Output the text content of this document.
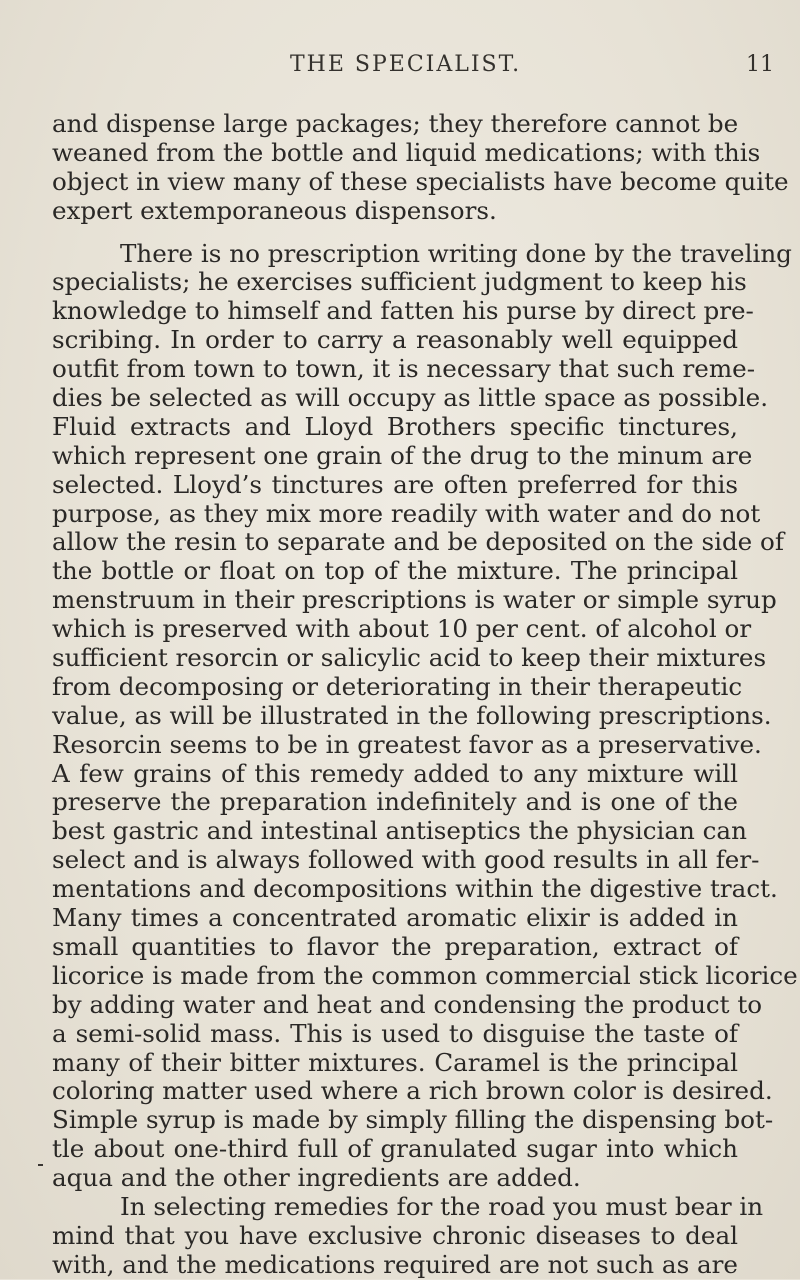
THE SPECIALIST.	11
and dispense large packages; they therefore cannot be
weaned from the bottle and liquid medications; with this
object in view many of these specialists have become quite
expert extemporaneous dispensors.
There is no prescription writing done by the traveling
specialists; he exercises sufficient judgment to keep his
knowledge to himself and fatten his purse by direct pre-
scribing. In order to carry a reasonably well equipped
outfit from town to town, it is necessary that such reme-
dies be selected as will occupy as little space as possible.
Fluid extracts and Lloyd Brothers specific tinctures,
which represent one grain of the drug to the minum are
selected. Lloyd’s tinctures are often preferred for this
purpose, as they mix more readily with water and do not
allow the resin to separate and be deposited on the side of
the bottle or float on top of the mixture. The principal
menstruum in their prescriptions is water or simple syrup
which is preserved with about 10 per cent. of alcohol or
sufficient resorcin or salicylic acid to keep their mixtures
from decomposing or deteriorating in their therapeutic
value, as will be illustrated in the following prescriptions.
Resorcin seems to be in greatest favor as a preservative.
A few grains of this remedy added to any mixture will
preserve the preparation indefinitely and is one of the
best gastric and intestinal antiseptics the physician can
select and is always followed with good results in all fer-
mentations and decompositions within the digestive tract.
Many times a concentrated aromatic elixir is added in
small quantities to flavor the preparation, extract of
licorice is made from the common commercial stick licorice
by adding water and heat and condensing the product to
a semi-solid mass. This is used to disguise the taste of
many of their bitter mixtures. Caramel is the principal
coloring matter used where a rich brown color is desired.
Simple syrup is made by simply filling the dispensing bot-
tle about one-third full of granulated sugar into which
aqua and the other ingredients are added.
In selecting remedies for the road you must bear in
mind that you have exclusive chronic diseases to deal
with, and the medications required are not such as are
